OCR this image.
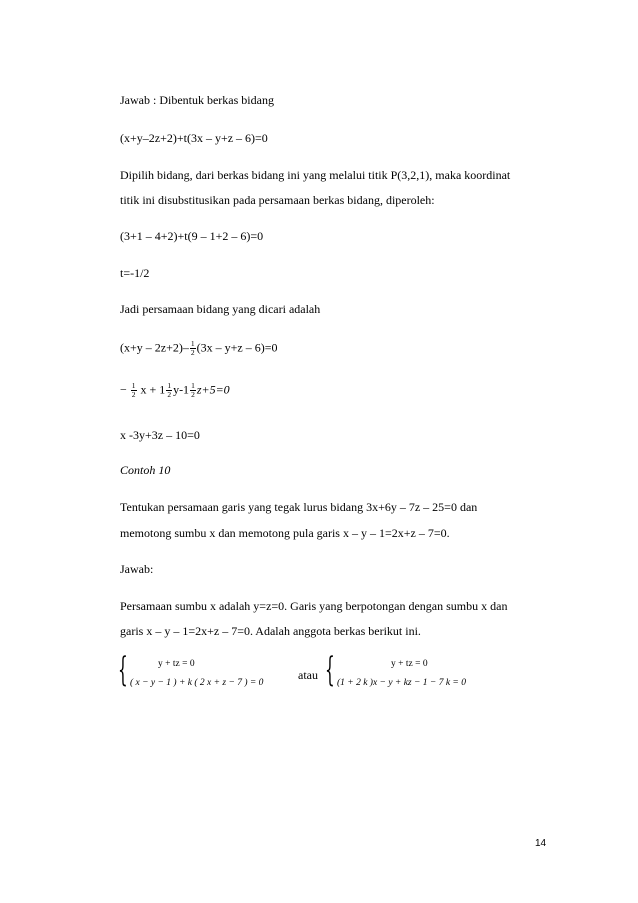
Jawab : Dibentuk berkas bidang
(x+y–2z+2)+t(3x – y+z – 6)=0
Dipilih bidang, dari berkas bidang ini yang melalui titik P(3,2,1), maka koordinat
titik ini disubstitusikan pada persamaan berkas bidang, diperoleh:
(3+1 – 4+2)+t(9 – 1+2 – 6)=0
t=-1/2
Jadi persamaan bidang yang dicari adalah
$(x+y - 2z+2)- \frac{1}{2} (3x - y+z - 6)=0$
− $\frac{1}{2}$ $x + 1 \frac{1}{2} y-1 \frac{1}{2} z+5=0$
x -3y+3z – 10=0
Contoh 10
Tentukan persamaan garis yang tegak lurus bidang 3x+6y – 7z – 25=0 dan
memotong sumbu x dan memotong pula garis x – y – 1=2x+z – 7=0.
Jawab:
Persamaan sumbu x adalah y=z=0. Garis yang berpotongan dengan sumbu x dan
garis x – y – 1=2x+z – 7=0. Adalah anggota berkas berikut ini.
{	y + tz = 0
( x − y − 1 ) + k ( 2 x + z − 7 ) = 0
atau {	y + tz = 0
(1 + 2 k )x − y + kz − 1 − 7 k = 0
14
